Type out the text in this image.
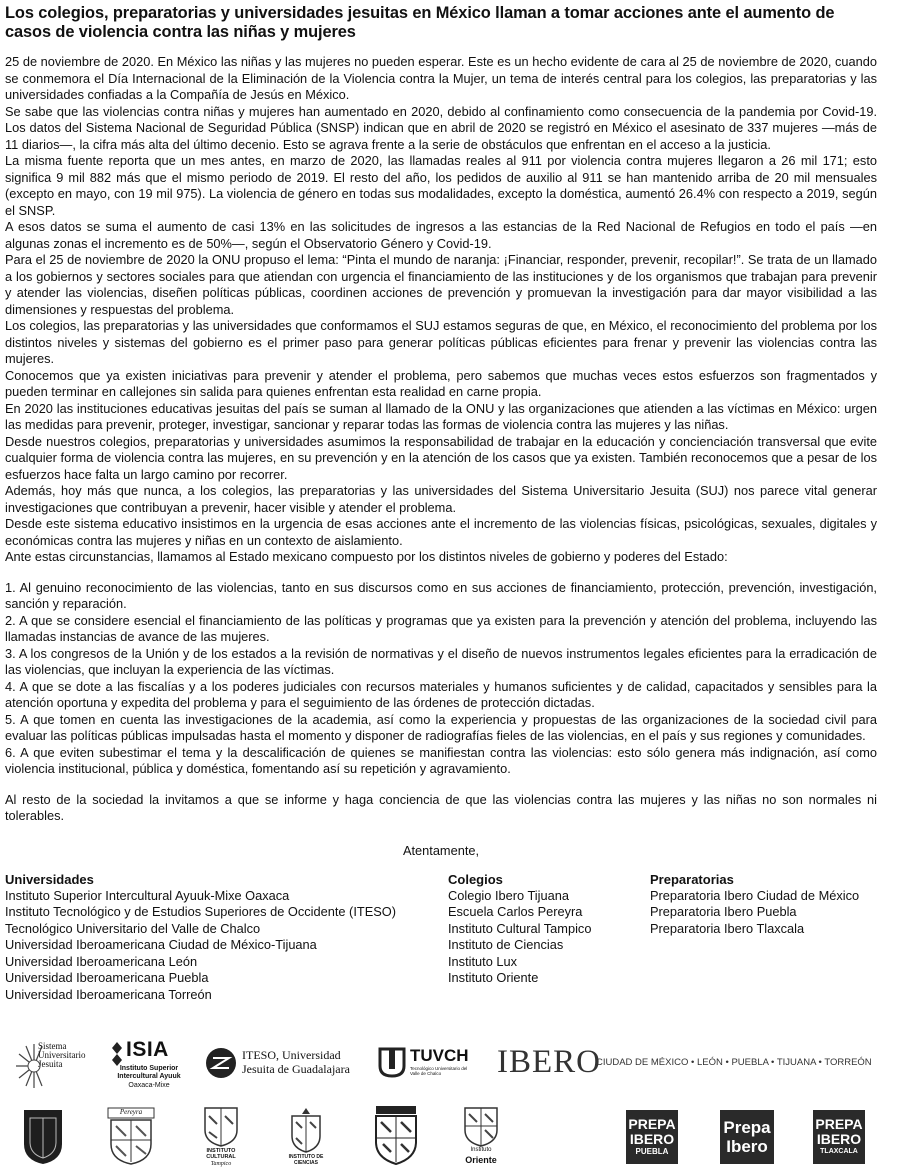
Los colegios, preparatorias y universidades jesuitas en México llaman a tomar acciones ante el aumento de casos de violencia contra las niñas y mujeres

25 de noviembre de 2020. En México las niñas y las mujeres no pueden esperar. Este es un hecho evidente de cara al 25 de noviembre de 2020, cuando se conmemora el Día Internacional de la Eliminación de la Violencia contra la Mujer, un tema de interés central para los colegios, las preparatorias y las universidades confiadas a la Compañía de Jesús en México.

Se sabe que las violencias contra niñas y mujeres han aumentado en 2020, debido al confinamiento como consecuencia de la pandemia por Covid-19. Los datos del Sistema Nacional de Seguridad Pública (SNSP) indican que en abril de 2020 se registró en México el asesinato de 337 mujeres —más de 11 diarios—, la cifra más alta del último decenio. Esto se agrava frente a la serie de obstáculos que enfrentan en el acceso a la justicia.

La misma fuente reporta que un mes antes, en marzo de 2020, las llamadas reales al 911 por violencia contra mujeres llegaron a 26 mil 171; esto significa 9 mil 882 más que el mismo periodo de 2019. El resto del año, los pedidos de auxilio al 911 se han mantenido arriba de 20 mil mensuales (excepto en mayo, con 19 mil 975). La violencia de género en todas sus modalidades, excepto la doméstica, aumentó 26.4% con respecto a 2019, según el SNSP.

A esos datos se suma el aumento de casi 13% en las solicitudes de ingresos a las estancias de la Red Nacional de Refugios en todo el país —en algunas zonas el incremento es de 50%—, según el Observatorio Género y Covid-19.

Para el 25 de noviembre de 2020 la ONU propuso el lema: “Pinta el mundo de naranja: ¡Financiar, responder, prevenir, recopilar!”. Se trata de un llamado a los gobiernos y sectores sociales para que atiendan con urgencia el financiamiento de las instituciones y de los organismos que trabajan para prevenir y atender las violencias, diseñen políticas públicas, coordinen acciones de prevención y promuevan la investigación para dar mayor visibilidad a las dimensiones y respuestas del problema.

Los colegios, las preparatorias y las universidades que conformamos el SUJ estamos seguras de que, en México, el reconocimiento del problema por los distintos niveles y sistemas del gobierno es el primer paso para generar políticas públicas eficientes para frenar y prevenir las violencias contra las mujeres.

Conocemos que ya existen iniciativas para prevenir y atender el problema, pero sabemos que muchas veces estos esfuerzos son fragmentados y pueden terminar en callejones sin salida para quienes enfrentan esta realidad en carne propia.

En 2020 las instituciones educativas jesuitas del país se suman al llamado de la ONU y las organizaciones que atienden a las víctimas en México: urgen las medidas para prevenir, proteger, investigar, sancionar y reparar todas las formas de violencia contra las mujeres y las niñas.

Desde nuestros colegios, preparatorias y universidades asumimos la responsabilidad de trabajar en la educación y concienciación transversal que evite cualquier forma de violencia contra las mujeres, en su prevención y en la atención de los casos que ya existen. También reconocemos que a pesar de los esfuerzos hace falta un largo camino por recorrer.

Además, hoy más que nunca, a los colegios, las preparatorias y las universidades del Sistema Universitario Jesuita (SUJ) nos parece vital generar investigaciones que contribuyan a prevenir, hacer visible y atender el problema.

Desde este sistema educativo insistimos en la urgencia de esas acciones ante el incremento de las violencias físicas, psicológicas, sexuales, digitales y económicas contra las mujeres y niñas en un contexto de aislamiento.

Ante estas circunstancias, llamamos al Estado mexicano compuesto por los distintos niveles de gobierno y poderes del Estado:

1. Al genuino reconocimiento de las violencias, tanto en sus discursos como en sus acciones de financiamiento, protección, prevención, investigación, sanción y reparación.

2. A que se considere esencial el financiamiento de las políticas y programas que ya existen para la prevención y atención del problema, incluyendo las llamadas instancias de avance de las mujeres.

3. A los congresos de la Unión y de los estados a la revisión de normativas y el diseño de nuevos instrumentos legales eficientes para la erradicación de las violencias, que incluyan la experiencia de las víctimas.

4. A que se dote a las fiscalías y a los poderes judiciales con recursos materiales y humanos suficientes y de calidad, capacitados y sensibles para la atención oportuna y expedita del problema y para el seguimiento de las órdenes de protección dictadas.

5. A que tomen en cuenta las investigaciones de la academia, así como la experiencia y propuestas de las organizaciones de la sociedad civil para evaluar las políticas públicas impulsadas hasta el momento y disponer de radiografías fieles de las violencias, en el país y sus regiones y comunidades.

6. A que eviten subestimar el tema y la descalificación de quienes se manifiestan contra las violencias: esto sólo genera más indignación, así como violencia institucional, pública y doméstica, fomentando así su repetición y agravamiento.

Al resto de la sociedad la invitamos a que se informe y haga conciencia de que las violencias contra las mujeres y las niñas no son normales ni tolerables.

Atentamente,
Universidades
Instituto Superior Intercultural Ayuuk-Mixe Oaxaca
Instituto Tecnológico y de Estudios Superiores de Occidente (ITESO)
Tecnológico Universitario del Valle de Chalco
Universidad Iberoamericana Ciudad de México-Tijuana
Universidad Iberoamericana León
Universidad Iberoamericana Puebla
Universidad Iberoamericana Torreón
Colegios
Colegio Ibero Tijuana
Escuela Carlos Pereyra
Instituto Cultural Tampico
Instituto de Ciencias
Instituto Lux
Instituto Oriente
Preparatorias
Preparatoria Ibero Ciudad de México
Preparatoria Ibero Puebla
Preparatoria Ibero Tlaxcala
Sistema Universitario Jesuita
ISIA
Instituto Superior Intercultural Ayuuk
Oaxaca-Mixe
ITESO, Universidad
Jesuita de Guadalajara
TUVCH
Tecnológico Universitario del Valle de Chalco	IBERO
CIUDAD DE MÉXICO • LEÓN • PUEBLA • TIJUANA • TORREÓN
Pereyra
INSTITUTO CULTURAL
Tampico
INSTITUTO DE CIENCIAS
Instituto
Oriente
PREPA
IBERO
PUEBLA
Prepa
Ibero
PREPA
IBERO
TLAXCALA
